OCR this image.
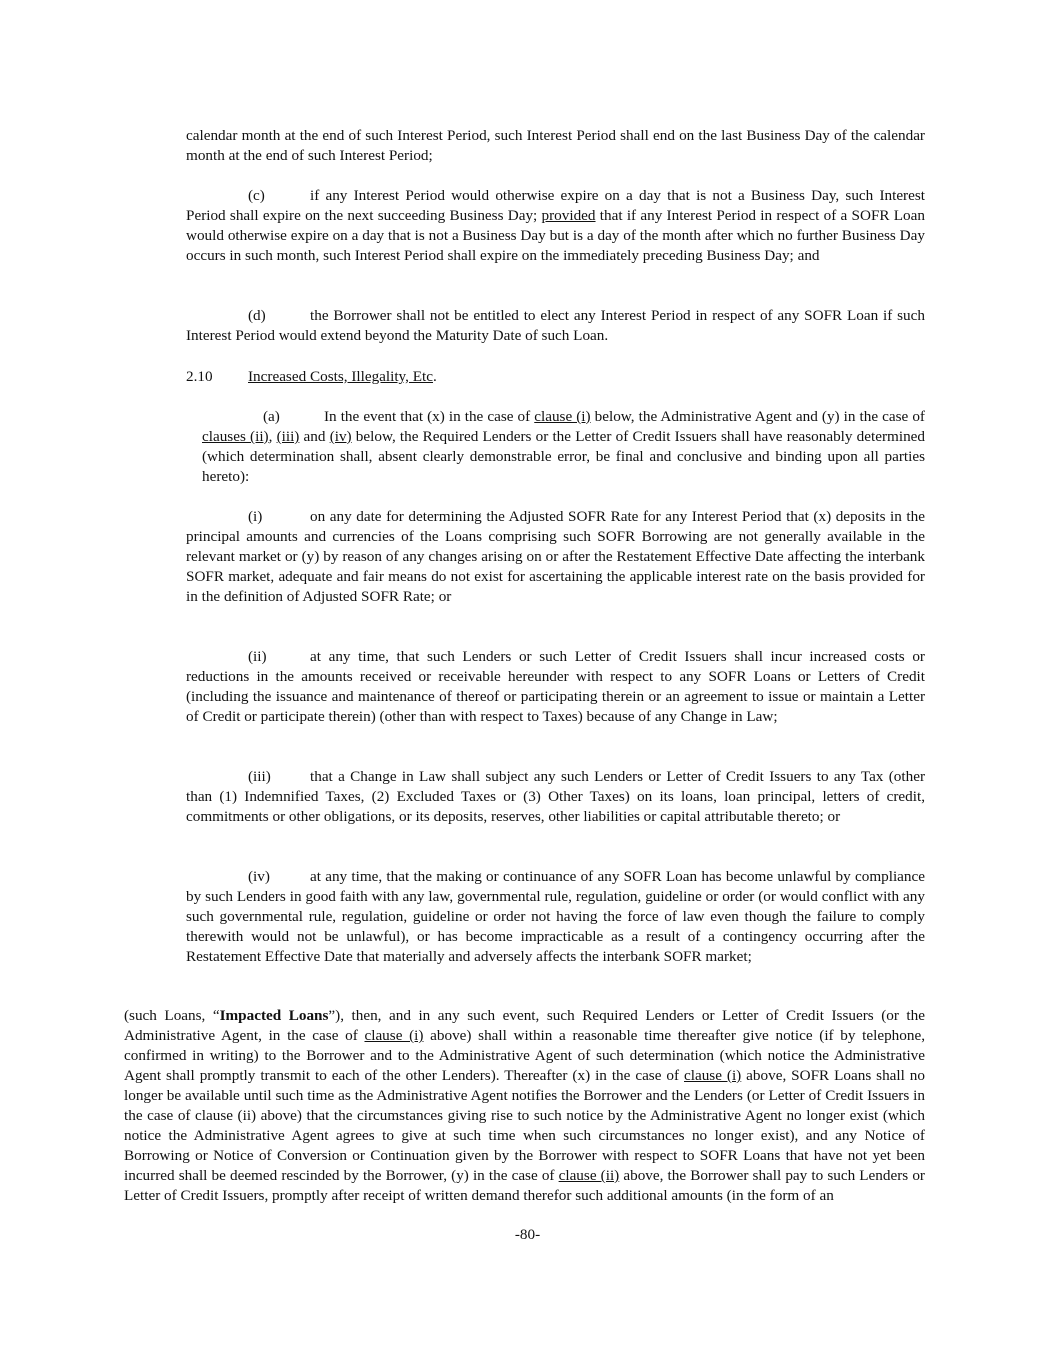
calendar month at the end of such Interest Period, such Interest Period shall end on the last Business Day of the calendar month at the end of such Interest Period;

(c)	if any Interest Period would otherwise expire on a day that is not a Business Day, such Interest Period shall expire on the next succeeding Business Day; provided that if any Interest Period in respect of a SOFR Loan would otherwise expire on a day that is not a Business Day but is a day of the month after which no further Business Day occurs in such month, such Interest Period shall expire on the immediately preceding Business Day; and

(d)	the Borrower shall not be entitled to elect any Interest Period in respect of any SOFR Loan if such Interest Period would extend beyond the Maturity Date of such Loan.

2.10 Increased Costs, Illegality, Etc.

(a)	In the event that (x) in the case of clause (i) below, the Administrative Agent and (y) in the case of clauses (ii), (iii) and (iv) below, the Required Lenders or the Letter of Credit Issuers shall have reasonably determined (which determination shall, absent clearly demonstrable error, be final and conclusive and binding upon all parties hereto):

(i)	on any date for determining the Adjusted SOFR Rate for any Interest Period that (x) deposits in the principal amounts and currencies of the Loans comprising such SOFR Borrowing are not generally available in the relevant market or (y) by reason of any changes arising on or after the Restatement Effective Date affecting the interbank SOFR market, adequate and fair means do not exist for ascertaining the applicable interest rate on the basis provided for in the definition of Adjusted SOFR Rate; or

(ii)	at any time, that such Lenders or such Letter of Credit Issuers shall incur increased costs or reductions in the amounts received or receivable hereunder with respect to any SOFR Loans or Letters of Credit (including the issuance and maintenance of thereof or participating therein or an agreement to issue or maintain a Letter of Credit or participate therein) (other than with respect to Taxes) because of any Change in Law;

(iii)	that a Change in Law shall subject any such Lenders or Letter of Credit Issuers to any Tax (other than (1) Indemnified Taxes, (2) Excluded Taxes or (3) Other Taxes) on its loans, loan principal, letters of credit, commitments or other obligations, or its deposits, reserves, other liabilities or capital attributable thereto; or

(iv)	at any time, that the making or continuance of any SOFR Loan has become unlawful by compliance by such Lenders in good faith with any law, governmental rule, regulation, guideline or order (or would conflict with any such governmental rule, regulation, guideline or order not having the force of law even though the failure to comply therewith would not be unlawful), or has become impracticable as a result of a contingency occurring after the Restatement Effective Date that materially and adversely affects the interbank SOFR market;

(such Loans, “Impacted Loans”), then, and in any such event, such Required Lenders or Letter of Credit Issuers (or the Administrative Agent, in the case of clause (i) above) shall within a reasonable time thereafter give notice (if by telephone, confirmed in writing) to the Borrower and to the Administrative Agent of such determination (which notice the Administrative Agent shall promptly transmit to each of the other Lenders). Thereafter (x) in the case of clause (i) above, SOFR Loans shall no longer be available until such time as the Administrative Agent notifies the Borrower and the Lenders (or Letter of Credit Issuers in the case of clause (ii) above) that the circumstances giving rise to such notice by the Administrative Agent no longer exist (which notice the Administrative Agent agrees to give at such time when such circumstances no longer exist), and any Notice of Borrowing or Notice of Conversion or Continuation given by the Borrower with respect to SOFR Loans that have not yet been incurred shall be deemed rescinded by the Borrower, (y) in the case of clause (ii) above, the Borrower shall pay to such Lenders or Letter of Credit Issuers, promptly after receipt of written demand therefor such additional amounts (in the form of an

-80-
